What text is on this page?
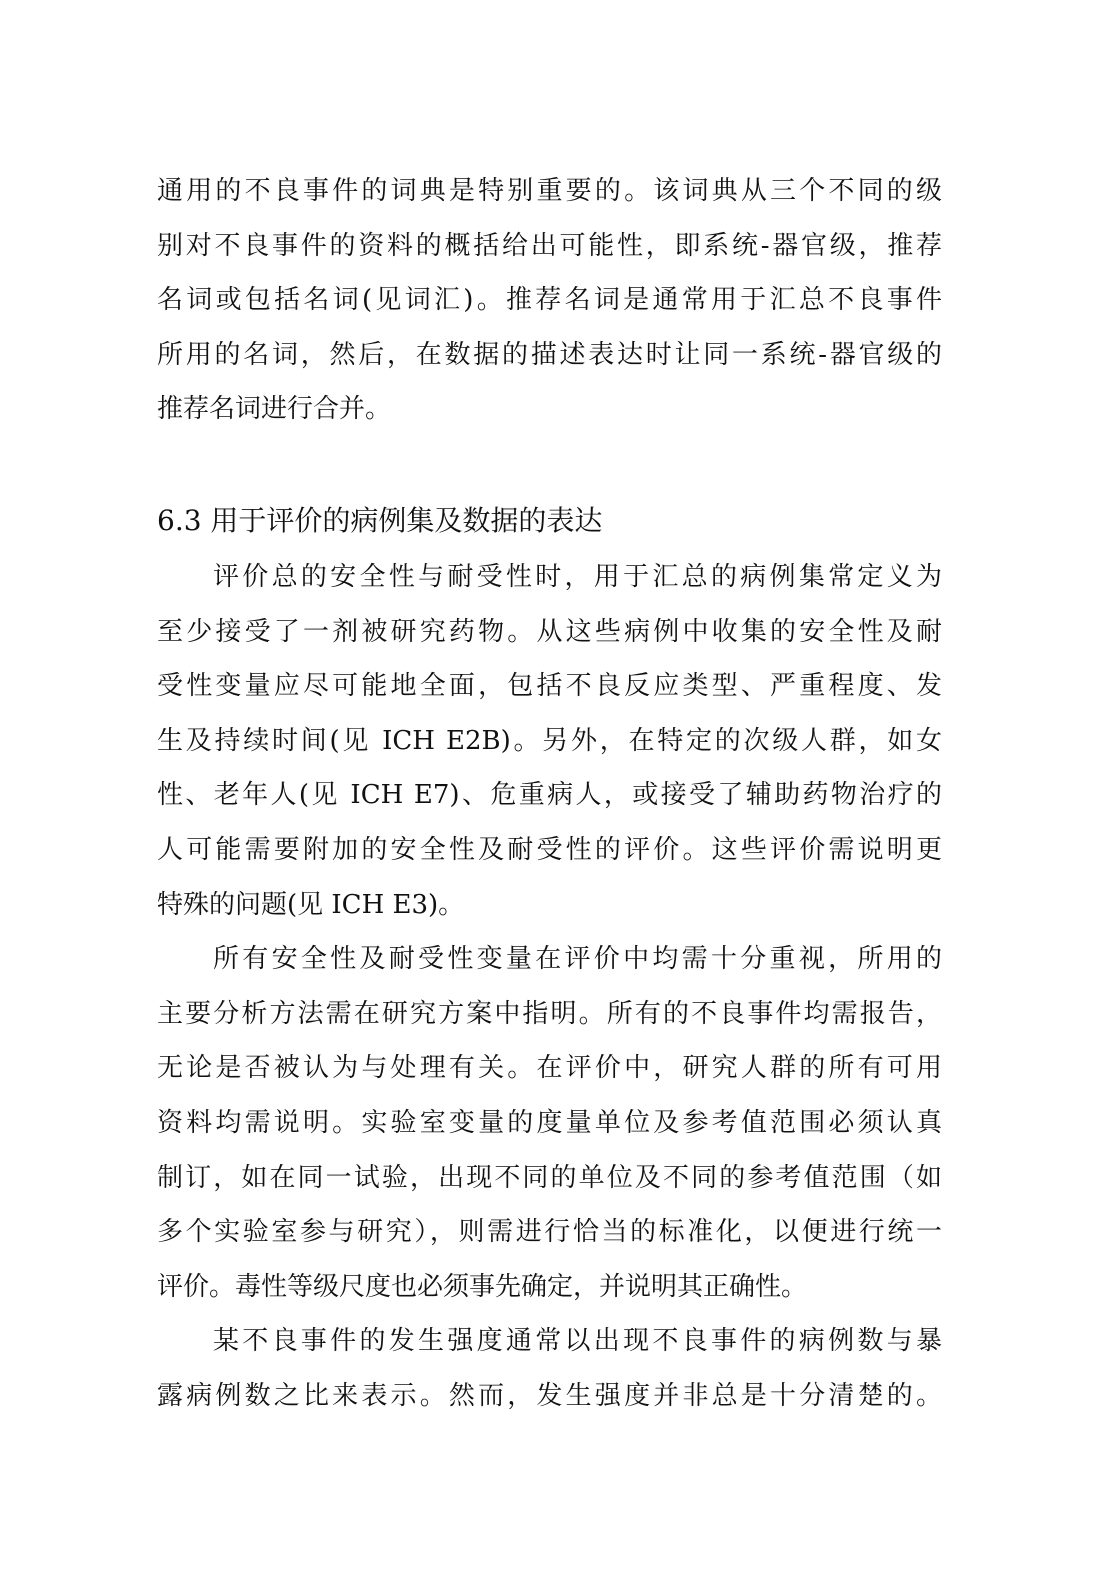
通用的不良事件的词典是特别重要的。该词典从三个不同的级
别对不良事件的资料的概括给出可能性，即系统-器官级，推荐
名词或包括名词(见词汇)。推荐名词是通常用于汇总不良事件
所用的名词，然后，在数据的描述表达时让同一系统-器官级的
推荐名词进行合并。
6.3 用于评价的病例集及数据的表达
评价总的安全性与耐受性时，用于汇总的病例集常定义为
至少接受了一剂被研究药物。从这些病例中收集的安全性及耐
受性变量应尽可能地全面，包括不良反应类型、严重程度、发
生及持续时间(见 ICH E2B)。另外，在特定的次级人群，如女
性、老年人(见 ICH E7)、危重病人，或接受了辅助药物治疗的
人可能需要附加的安全性及耐受性的评价。这些评价需说明更
特殊的问题(见 ICH E3)。
所有安全性及耐受性变量在评价中均需十分重视，所用的
主要分析方法需在研究方案中指明。所有的不良事件均需报告，
无论是否被认为与处理有关。在评价中，研究人群的所有可用
资料均需说明。实验室变量的度量单位及参考值范围必须认真
制订，如在同一试验，出现不同的单位及不同的参考值范围（如
多个实验室参与研究），则需进行恰当的标准化，以便进行统一
评价。毒性等级尺度也必须事先确定，并说明其正确性。
某不良事件的发生强度通常以出现不良事件的病例数与暴
露病例数之比来表示。然而，发生强度并非总是十分清楚的。
